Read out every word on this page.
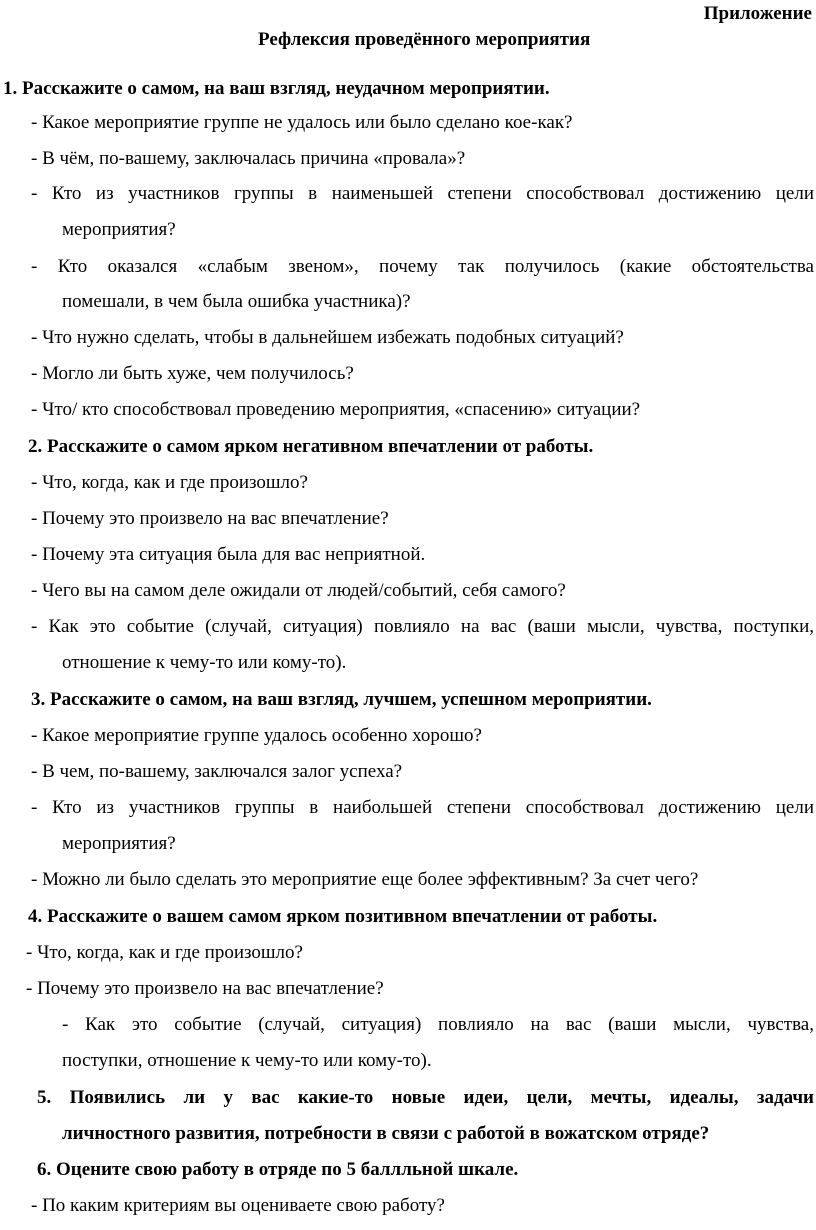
Приложение
Рефлексия проведённого мероприятия
1. Расскажите о самом, на ваш взгляд, неудачном мероприятии.
- Какое мероприятие группе не удалось или было сделано кое-как?
- В чём, по-вашему, заключалась причина «провала»?
- Кто из участников группы в наименьшей степени способствовал достижению цели
мероприятия?
- Кто оказался «слабым звеном», почему так получилось (какие обстоятельства
помешали, в чем была ошибка участника)?
- Что нужно сделать, чтобы в дальнейшем избежать подобных ситуаций?
- Могло ли быть хуже, чем получилось?
- Что/ кто способствовал проведению мероприятия, «спасению» ситуации?
2. Расскажите о самом ярком негативном впечатлении от работы.
- Что, когда, как и где произошло?
- Почему это произвело на вас впечатление?
- Почему эта ситуация была для вас неприятной.
- Чего вы на самом деле ожидали от людей/событий, себя самого?
- Как это событие (случай, ситуация) повлияло на вас (ваши мысли, чувства, поступки,
отношение к чему-то или кому-то).
3. Расскажите о самом, на ваш взгляд, лучшем, успешном мероприятии.
- Какое мероприятие группе удалось особенно хорошо?
- В чем, по-вашему, заключался залог успеха?
- Кто из участников группы в наибольшей степени способствовал достижению цели
мероприятия?
- Можно ли было сделать это мероприятие еще более эффективным? За счет чего?
4. Расскажите о вашем самом ярком позитивном впечатлении от работы.
- Что, когда, как и где произошло?
- Почему это произвело на вас впечатление?
- Как это событие (случай, ситуация) повлияло на вас (ваши мысли, чувства,
поступки, отношение к чему-то или кому-то).
5. Появились ли у вас какие-то новые идеи, цели, мечты, идеалы, задачи
личностного развития, потребности в связи с работой в вожатском отряде?
6. Оцените свою работу в отряде по 5 баллльной шкале.
- По каким критериям вы оцениваете свою работу?
